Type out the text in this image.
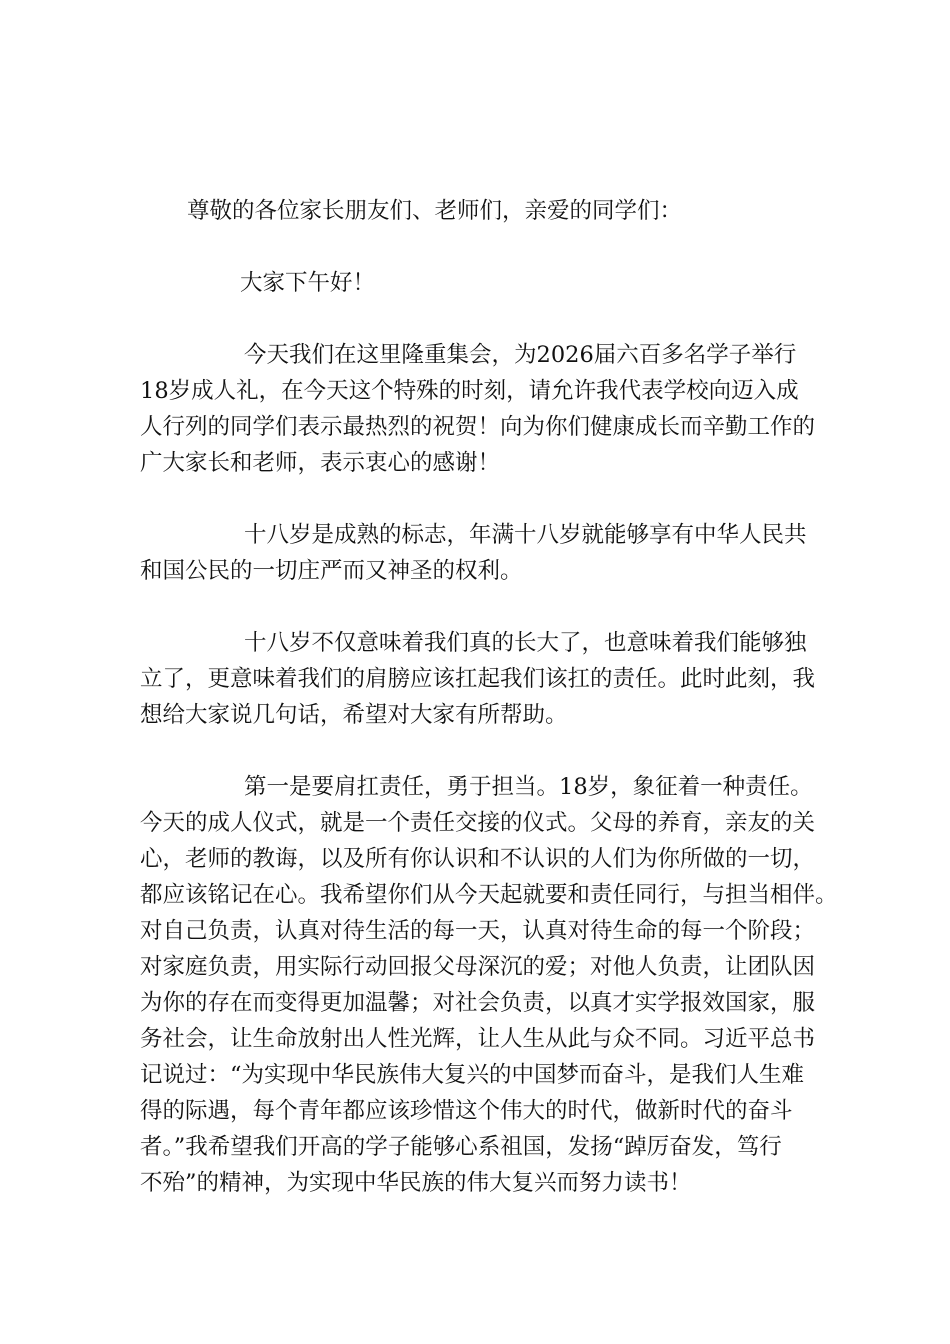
尊敬的各位家长朋友们、老师们，亲爱的同学们：
大家下午好！
今天我们在这里隆重集会，为2026届六百多名学子举行
18岁成人礼，在今天这个特殊的时刻，请允许我代表学校向迈入成
人行列的同学们表示最热烈的祝贺！向为你们健康成长而辛勤工作的
广大家长和老师，表示衷心的感谢！
十八岁是成熟的标志，年满十八岁就能够享有中华人民共
和国公民的一切庄严而又神圣的权利。
十八岁不仅意味着我们真的长大了，也意味着我们能够独
立了，更意味着我们的肩膀应该扛起我们该扛的责任。此时此刻，我
想给大家说几句话，希望对大家有所帮助。
第一是要肩扛责任，勇于担当。18岁，象征着一种责任。
今天的成人仪式，就是一个责任交接的仪式。父母的养育，亲友的关
心，老师的教诲，以及所有你认识和不认识的人们为你所做的一切，
都应该铭记在心。我希望你们从今天起就要和责任同行，与担当相伴。
对自己负责，认真对待生活的每一天，认真对待生命的每一个阶段；
对家庭负责，用实际行动回报父母深沉的爱；对他人负责，让团队因
为你的存在而变得更加温馨；对社会负责，以真才实学报效国家，服
务社会，让生命放射出人性光辉，让人生从此与众不同。习近平总书
记说过：“为实现中华民族伟大复兴的中国梦而奋斗，是我们人生难
得的际遇，每个青年都应该珍惜这个伟大的时代，做新时代的奋斗
者。”我希望我们开高的学子能够心系祖国，发扬“踔厉奋发，笃行
不殆”的精神，为实现中华民族的伟大复兴而努力读书！
